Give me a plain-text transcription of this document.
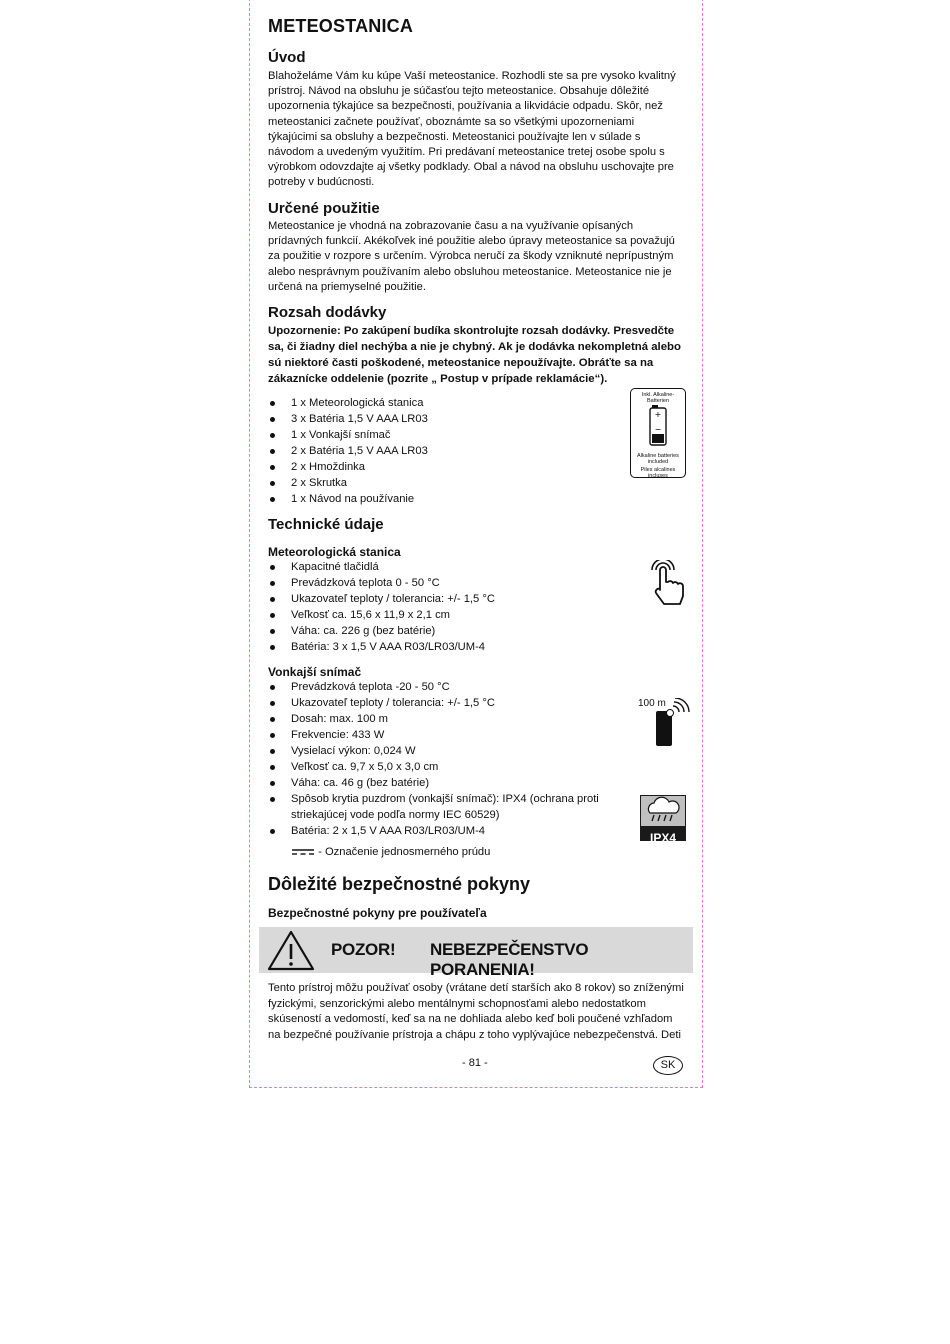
METEOSTANICA
Úvod

Blahoželáme Vám ku kúpe Vaší meteostanice. Rozhodli ste sa pre vysoko kvalitný prístroj. Návod na obsluhu je súčasťou tejto meteostanice. Obsahuje dôležité upozornenia týkajúce sa bezpečnosti, používania a likvidácie odpadu. Skôr, než meteostanici začnete používať, oboznámte sa so všetkými upozorneniami týkajúcimi sa obsluhy a bezpečnosti. Meteostanici používajte len v súlade s návodom a uvedeným využitím. Pri predávaní meteostanice tretej osobe spolu s výrobkom odovzdajte aj všetky podklady. Obal a návod na obsluhu uschovajte pre potreby v budúcnosti.

Určené použitie

Meteostanice je vhodná na zobrazovanie času a na využívanie opísaných prídavných funkcií. Akékoľvek iné použitie alebo úpravy meteostanice sa považujú za použitie v rozpore s určením. Výrobca neručí za škody vzniknuté neprípustným alebo nesprávnym používaním alebo obsluhou meteostanice. Meteostanice nie je určená na priemyselné použitie.

Rozsah dodávky

Upozornenie: Po zakúpení budíka skontrolujte rozsah dodávky. Presvedčte sa, či žiadny diel nechýba a nie je chybný. Ak je dodávka nekompletná alebo sú niektoré časti poškodené, meteostanice nepoužívajte. Obráťte sa na zákaznícke oddelenie (pozrite „ Postup v prípade reklamácie“).

1 x Meteorologická stanica
3 x Batéria 1,5 V AAA LR03
1 x Vonkajší snímač
2 x Batéria 1,5 V AAA LR03
2 x Hmoždinka
2 x Skrutka
1 x Návod na používanie
Inkl. Alkaline-Batterien
+
−
Alkaline batteries included
Piles alcalines incluses
Technické údaje
Meteorologická stanica
Kapacitné tlačidlá
Prevádzková teplota 0 - 50 °C
Ukazovateľ teploty / tolerancia: +/- 1,5 °C
Veľkosť ca. 15,6 x 11,9 x 2,1 cm
Váha: ca. 226 g (bez batérie)
Batéria: 3 x 1,5 V AAA R03/LR03/UM-4
Vonkajší snímač
Prevádzková teplota -20 - 50 °C
Ukazovateľ teploty / tolerancia: +/- 1,5 °C
Dosah: max. 100 m
Frekvencie: 433 W
Vysielací výkon: 0,024 W
Veľkosť ca. 9,7 x 5,0 x 3,0 cm
Váha: ca. 46 g (bez batérie)
Spôsob krytia puzdrom (vonkajší snímač): IPX4 (ochrana proti striekajúcej vode podľa normy IEC 60529)
Batéria: 2 x 1,5 V AAA R03/LR03/UM-4
- Označenie jednosmerného prúdu
100 m
IPX4
Dôležité bezpečnostné pokyny
Bezpečnostné pokyny pre používateľa
POZOR! NEBEZPEČENSTVO PORANENIA!

Tento prístroj môžu používať osoby (vrátane detí starších ako 8 rokov) so zníženými fyzickými, senzorickými alebo mentálnymi schopnosťami alebo nedostatkom skúseností a vedomostí, keď sa na ne dohliada alebo keď boli poučené vzhľadom na bezpečné používanie prístroja a chápu z toho vyplývajúce nebezpečenstvá. Deti

- 81 -	SK
